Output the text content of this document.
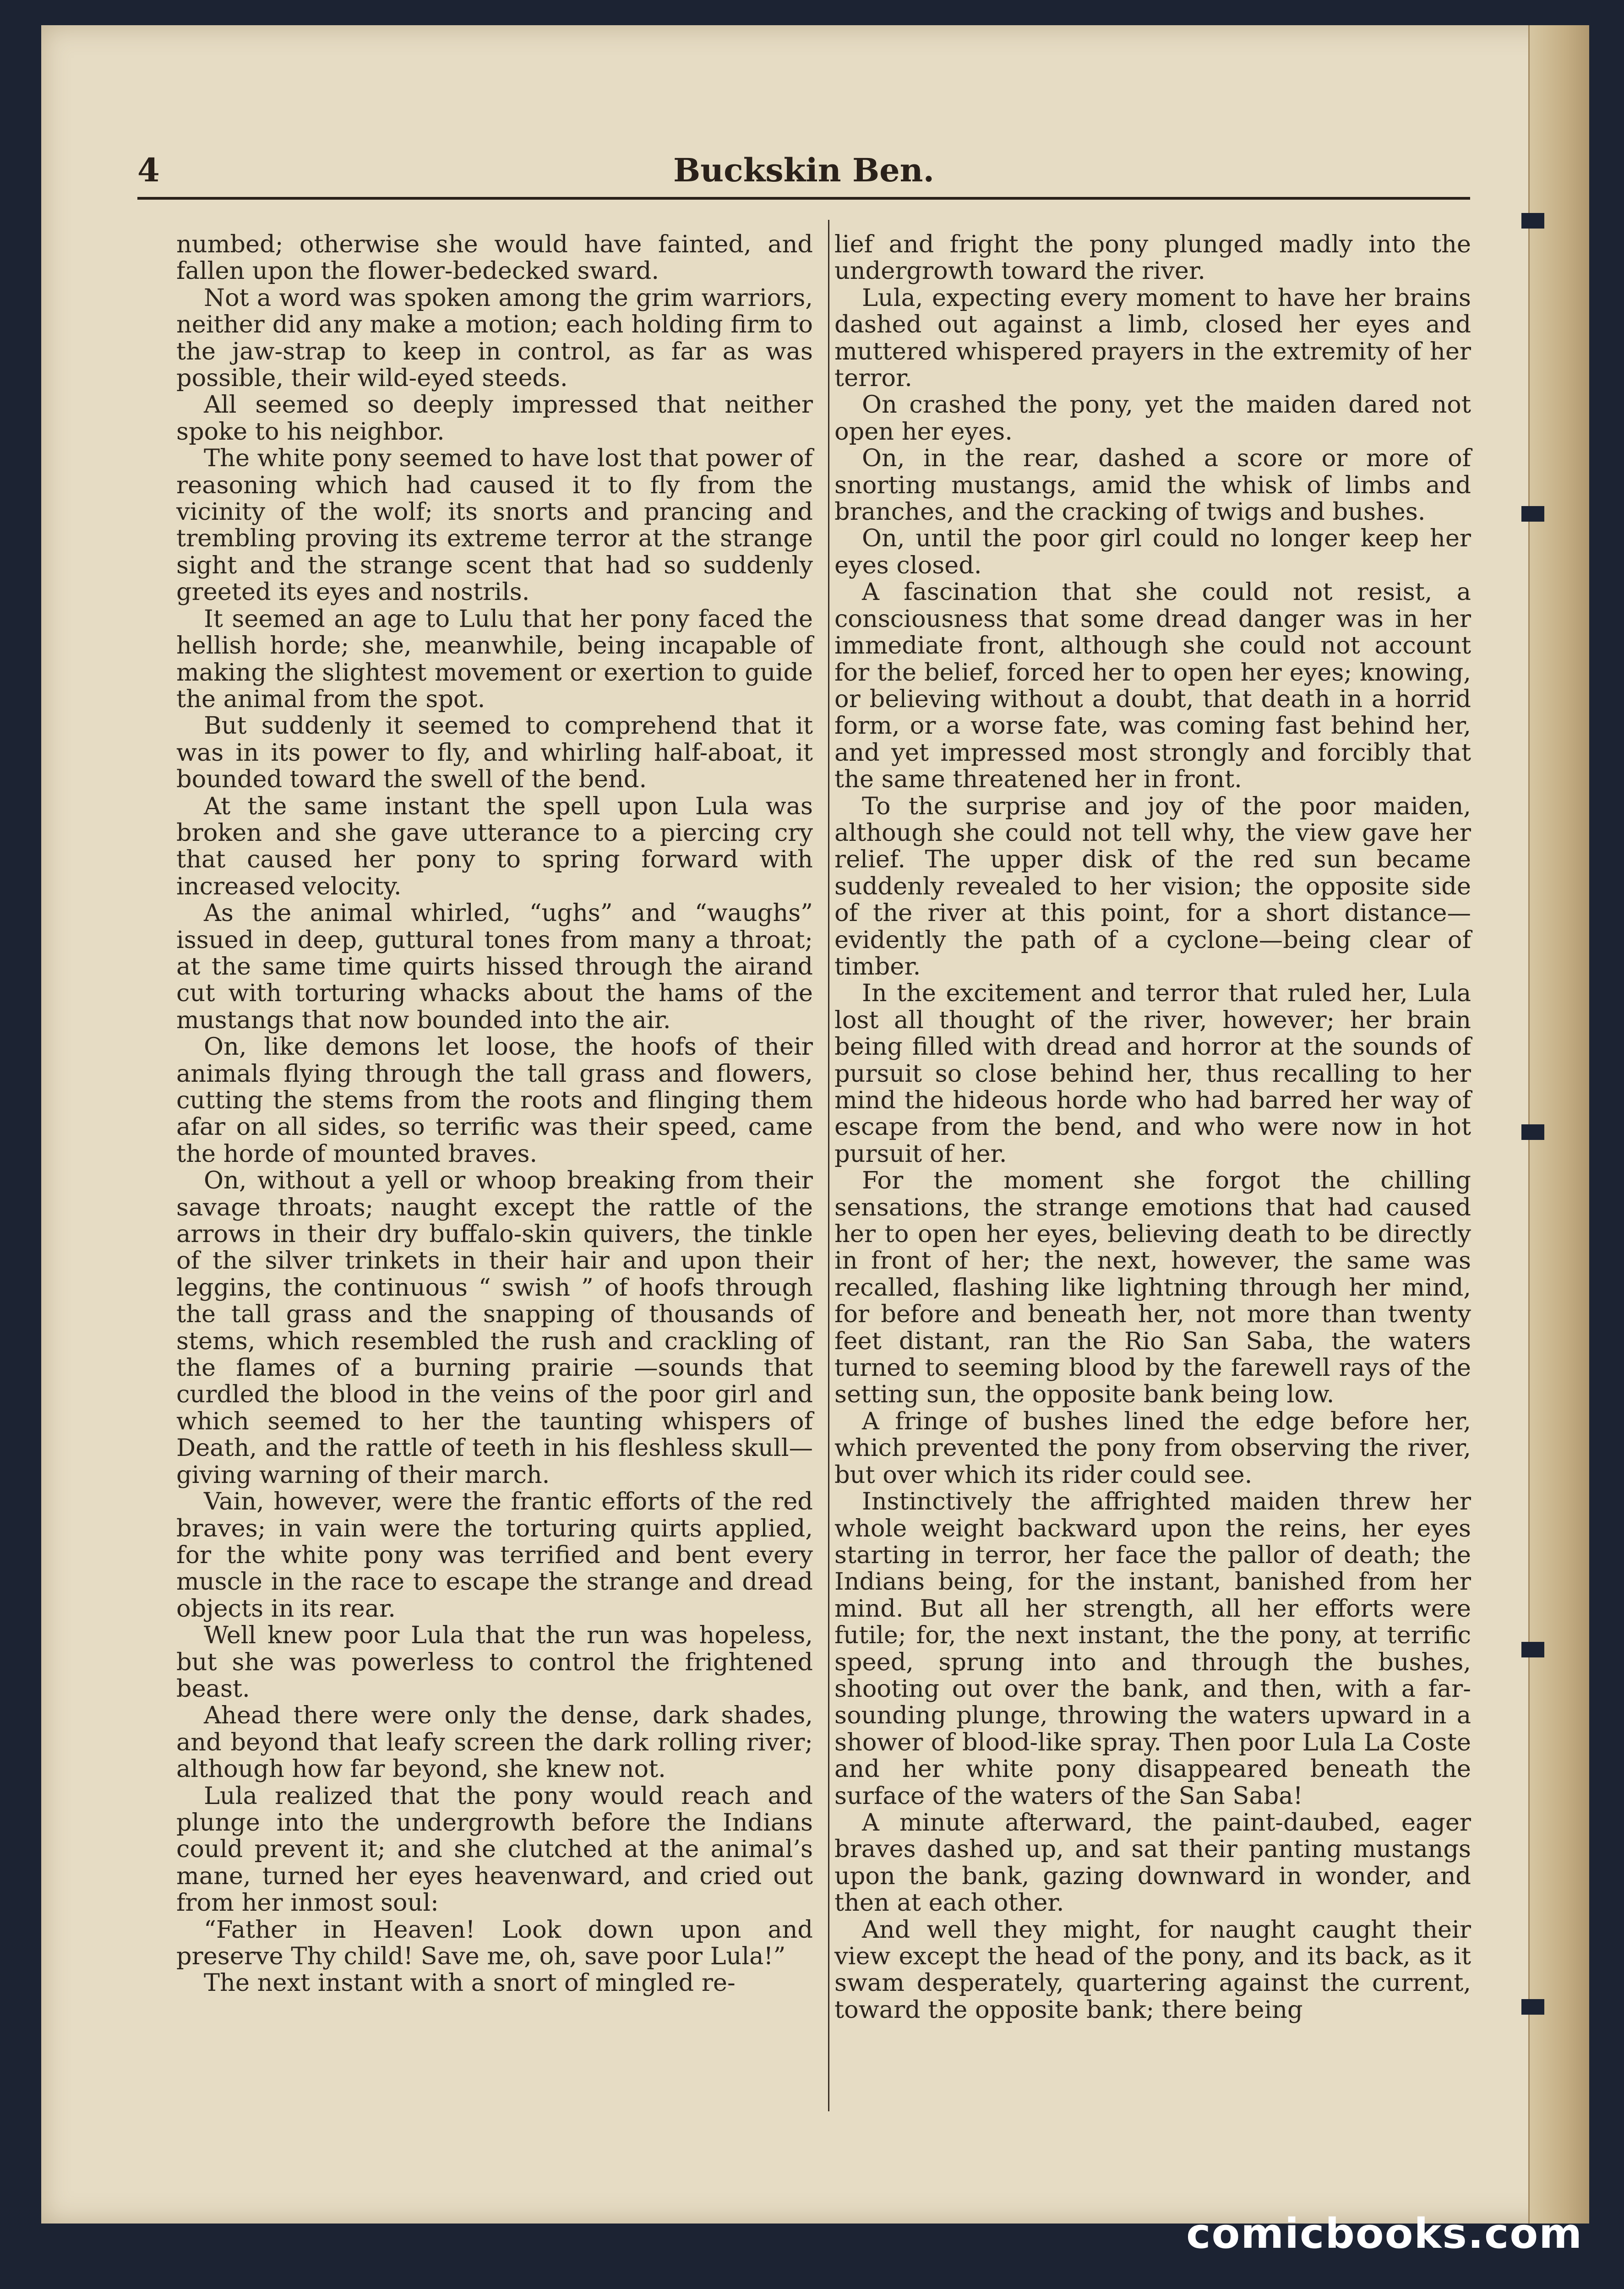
4	Buckskin Ben.

numbed; otherwise she would have fainted, and fallen upon the flower-bedecked sward.

Not a word was spoken among the grim warriors, neither did any make a motion; each holding firm to the jaw-strap to keep in control, as far as was possible, their wild-eyed steeds.

All seemed so deeply impressed that neither spoke to his neighbor.

The white pony seemed to have lost that power of reasoning which had caused it to fly from the vicinity of the wolf; its snorts and prancing and trembling proving its extreme terror at the strange sight and the strange scent that had so suddenly greeted its eyes and nostrils.

It seemed an age to Lulu that her pony faced the hellish horde; she, meanwhile, being incapable of making the slightest movement or exertion to guide the animal from the spot.

But suddenly it seemed to comprehend that it was in its power to fly, and whirling half-aboat, it bounded toward the swell of the bend.

At the same instant the spell upon Lula was broken and she gave utterance to a piercing cry that caused her pony to spring forward with increased velocity.

As the animal whirled, “ughs” and “waughs” issued in deep, guttural tones from many a throat; at the same time quirts hissed through the airand cut with torturing whacks about the hams of the mustangs that now bounded into the air.

On, like demons let loose, the hoofs of their animals flying through the tall grass and flowers, cutting the stems from the roots and flinging them afar on all sides, so terrific was their speed, came the horde of mounted braves.

On, without a yell or whoop breaking from their savage throats; naught except the rattle of the arrows in their dry buffalo-skin quivers, the tinkle of the silver trinkets in their hair and upon their leggins, the continuous “ swish ” of hoofs through the tall grass and the snapping of thousands of stems, which resembled the rush and crackling of the flames of a burning prairie —sounds that curdled the blood in the veins of the poor girl and which seemed to her the taunting whispers of Death, and the rattle of teeth in his fleshless skull—giving warning of their march.

Vain, however, were the frantic efforts of the red braves; in vain were the torturing quirts applied, for the white pony was terrified and bent every muscle in the race to escape the strange and dread objects in its rear.

Well knew poor Lula that the run was hopeless, but she was powerless to control the frightened beast.

Ahead there were only the dense, dark shades, and beyond that leafy screen the dark rolling river; although how far beyond, she knew not.

Lula realized that the pony would reach and plunge into the undergrowth before the Indians could prevent it; and she clutched at the animal’s mane, turned her eyes heavenward, and cried out from her inmost soul:

“Father in Heaven! Look down upon and preserve Thy child! Save me, oh, save poor Lula!”

The next instant with a snort of mingled re-

lief and fright the pony plunged madly into the undergrowth toward the river.

Lula, expecting every moment to have her brains dashed out against a limb, closed her eyes and muttered whispered prayers in the extremity of her terror.

On crashed the pony, yet the maiden dared not open her eyes.

On, in the rear, dashed a score or more of snorting mustangs, amid the whisk of limbs and branches, and the cracking of twigs and bushes.

On, until the poor girl could no longer keep her eyes closed.

A fascination that she could not resist, a consciousness that some dread danger was in her immediate front, although she could not account for the belief, forced her to open her eyes; knowing, or believing without a doubt, that death in a horrid form, or a worse fate, was coming fast behind her, and yet impressed most strongly and forcibly that the same threatened her in front.

To the surprise and joy of the poor maiden, although she could not tell why, the view gave her relief. The upper disk of the red sun became suddenly revealed to her vision; the opposite side of the river at this point, for a short distance—evidently the path of a cyclone—being clear of timber.

In the excitement and terror that ruled her, Lula lost all thought of the river, however; her brain being filled with dread and horror at the sounds of pursuit so close behind her, thus recalling to her mind the hideous horde who had barred her way of escape from the bend, and who were now in hot pursuit of her.

For the moment she forgot the chilling sensations, the strange emotions that had caused her to open her eyes, believing death to be directly in front of her; the next, however, the same was recalled, flashing like lightning through her mind, for before and beneath her, not more than twenty feet distant, ran the Rio San Saba, the waters turned to seeming blood by the farewell rays of the setting sun, the opposite bank being low.

A fringe of bushes lined the edge before her, which prevented the pony from observing the river, but over which its rider could see.

Instinctively the affrighted maiden threw her whole weight backward upon the reins, her eyes starting in terror, her face the pallor of death; the Indians being, for the instant, banished from her mind. But all her strength, all her efforts were futile; for, the next instant, the the pony, at terrific speed, sprung into and through the bushes, shooting out over the bank, and then, with a far-sounding plunge, throwing the waters upward in a shower of blood-like spray. Then poor Lula La Coste and her white pony disappeared beneath the surface of the waters of the San Saba!

A minute afterward, the paint-daubed, eager braves dashed up, and sat their panting mustangs upon the bank, gazing downward in wonder, and then at each other.

And well they might, for naught caught their view except the head of the pony, and its back, as it swam desperately, quartering against the current, toward the opposite bank; there being

comicbooks.com
